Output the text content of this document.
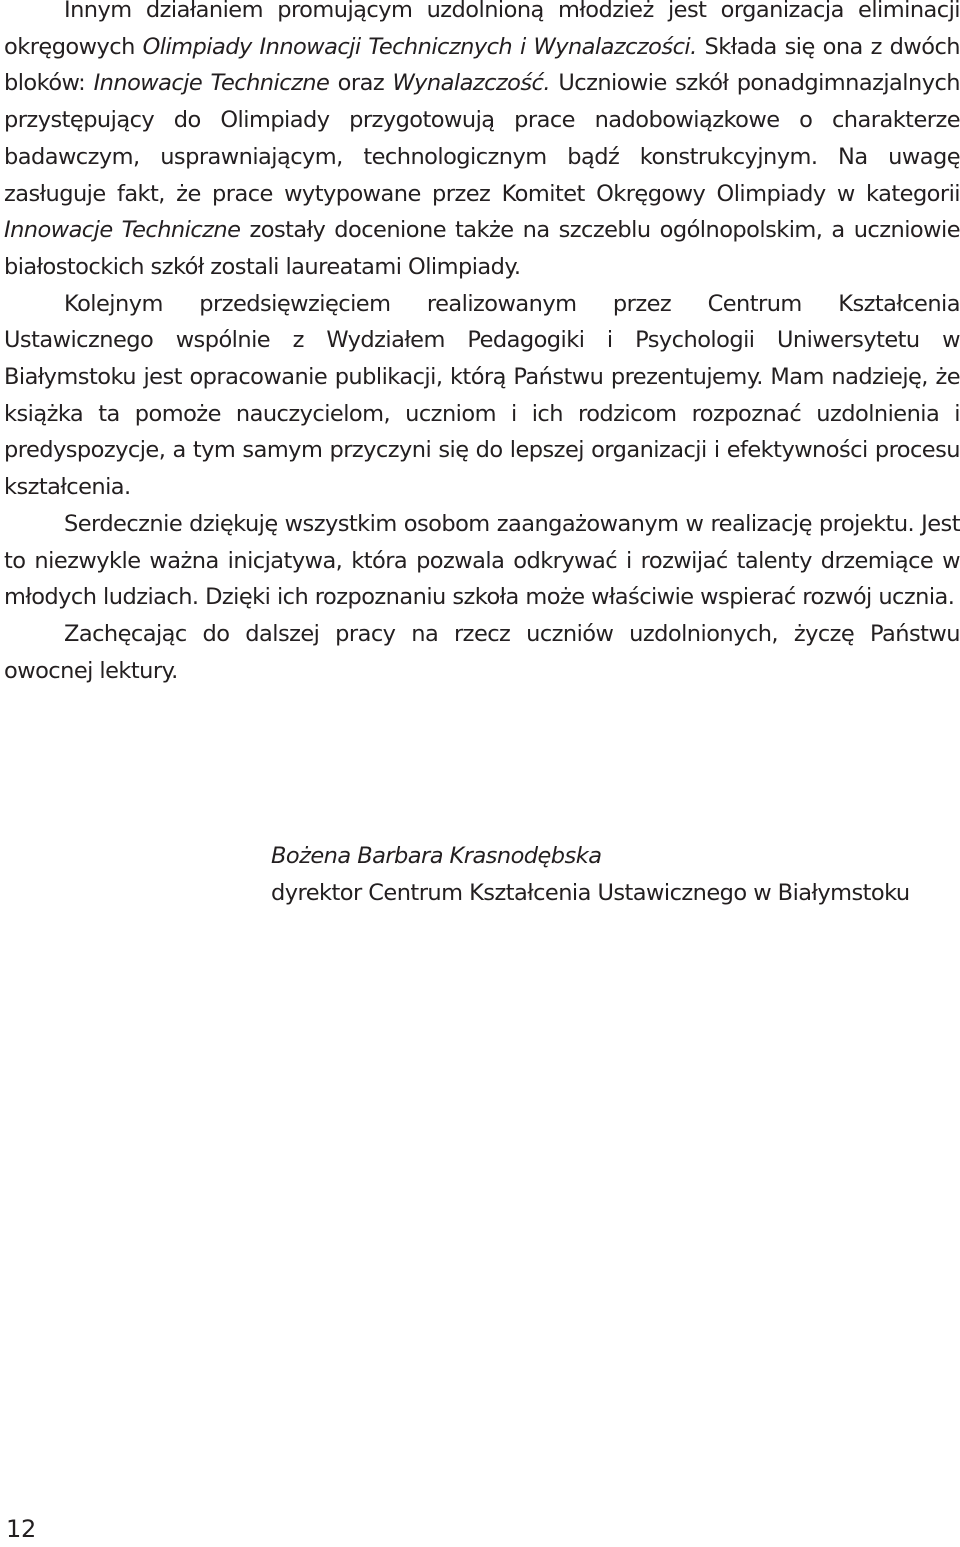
Innym działaniem promującym uzdolnioną młodzież jest organizacja eliminacji okręgowych Olimpiady Innowacji Technicznych i Wynalazczości. Składa się ona z dwóch bloków: Innowacje Techniczne oraz Wynalazczość. Uczniowie szkół ponadgimnazjalnych przystępujący do Olimpiady przygotowują prace nadobowiązkowe o charakterze badawczym, usprawniającym, technologicznym bądź konstrukcyjnym. Na uwagę zasługuje fakt, że prace wytypowane przez Komitet Okręgowy Olimpiady w kategorii Innowacje Techniczne zostały docenione także na szczeblu ogólnopolskim, a uczniowie białostockich szkół zostali laureatami Olimpiady.

Kolejnym przedsięwzięciem realizowanym przez Centrum Kształcenia Ustawicznego wspólnie z Wydziałem Pedagogiki i Psychologii Uniwersytetu w Białymstoku jest opracowanie publikacji, którą Państwu prezentujemy. Mam nadzieję, że książka ta pomoże nauczycielom, uczniom i ich rodzicom rozpoznać uzdolnienia i predyspozycje, a tym samym przyczyni się do lepszej organizacji i efektywności procesu kształcenia.

Serdecznie dziękuję wszystkim osobom zaangażowanym w realizację projektu. Jest to niezwykle ważna inicjatywa, która pozwala odkrywać i rozwijać talenty drzemiące w młodych ludziach. Dzięki ich rozpoznaniu szkoła może właściwie wspierać rozwój ucznia.

Zachęcając do dalszej pracy na rzecz uczniów uzdolnionych, życzę Państwu owocnej lektury.

Bożena Barbara Krasnodębska
dyrektor Centrum Kształcenia Ustawicznego w Białymstoku
12
